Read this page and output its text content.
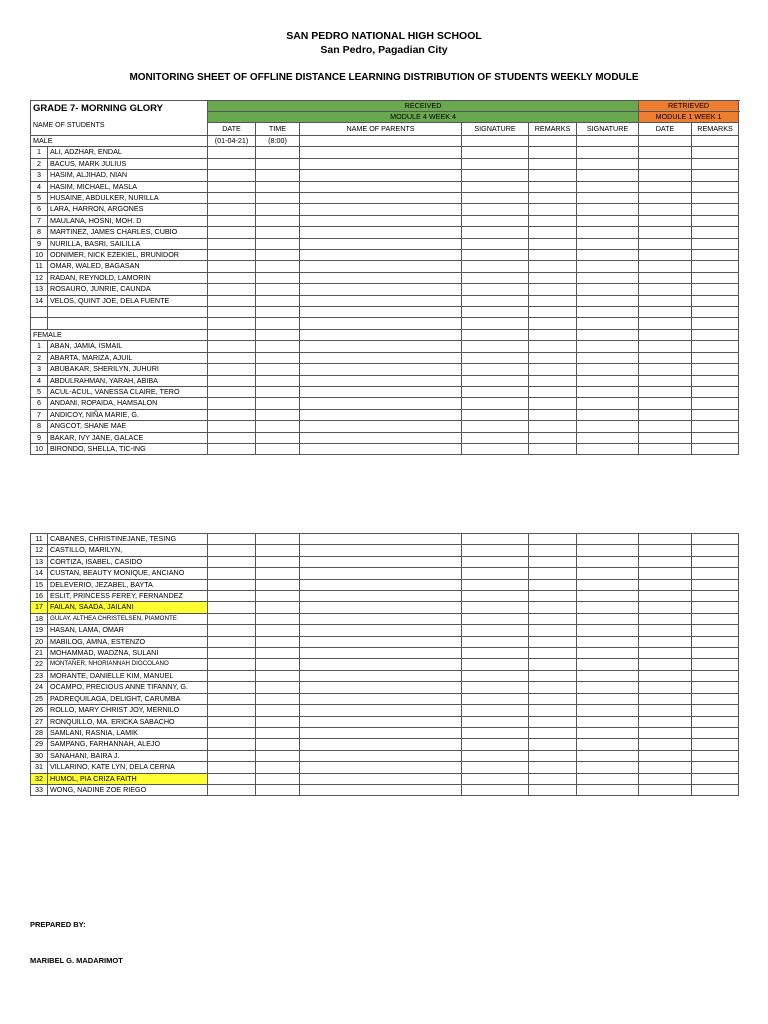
SAN PEDRO NATIONAL HIGH SCHOOL
San Pedro, Pagadian City
MONITORING SHEET OF OFFLINE DISTANCE LEARNING DISTRIBUTION OF STUDENTS WEEKLY MODULE
GRADE 7- MORNING GLORY
NAME OF STUDENTS		RECEIVED						RETRIEVED	
		MODULE 4 WEEK 4						MODULE 1 WEEK 1	
		DATE	TIME	NAME OF PARENTS	SIGNATURE	REMARKS	SIGNATURE	DATE	REMARKS
MALE		(01-04-21)	(8:00)						
1	ALI, ADZHAR, ENDAL								
2	BACUS, MARK JULIUS								
3	HASIM, ALJIHAD, NIAN								
4	HASIM, MICHAEL, MASLA								
5	HUSAINE, ABDULKER, NURILLA								
6	LARA, HARRON, ARGONES								
7	MAULANA, HOSNI, MOH. D								
8	MARTINEZ, JAMES CHARLES, CUBIO								
9	NURILLA, BASRI, SAILILLA								
10	ODNIMER, NICK EZEKIEL, BRUNIDOR								
11	OMAR, WALED, BAGASAN								
12	RADAN, REYNOLD, LAMORIN								
13	ROSAURO, JUNRIE, CAUNDA								
14	VELOS, QUINT JOE, DELA FUENTE								

FEMALE									
1	ABAN, JAMIA, ISMAIL								
2	ABARTA, MARIZA, AJUIL								
3	ABUBAKAR, SHERILYN, JUHURI								
4	ABDULRAHMAN, YARAH, ABIBA								
5	ACUL-ACUL, VANESSA CLAIRE, TERO								
6	ANDANI, ROPAIDA, HAMSALON								
7	ANDICOY, NIÑA MARIE, G.								
8	ANGCOT, SHANE MAE								
9	BAKAR, IVY JANE, GALACE								
10	BIRONDO, SHELLA, TIC-ING								
11	CABANES, CHRISTINEJANE, TESING								
12	CASTILLO, MARILYN,								
13	CORTIZA, ISABEL, CASIDO								
14	CUSTAN, BEAUTY MONIQUE, ANCIANO								
15	DELEVERIO, JEZABEL, BAYTA								
16	ESLIT, PRINCESS FEREY, FERNANDEZ								
17	FAILAN, SAADA, JAILANI								
18	GULAY, ALTHEA CHRISTELSEN, PIAMONTE								
19	HASAN, LAMA, OMAR								
20	MABILOG, AMNA, ESTENZO								
21	MOHAMMAD, WADZNA, SULANI								
22	MONTAÑER, NHORIANNAH DIOCOLANO								
23	MORANTE, DANIELLE KIM, MANUEL								
24	OCAMPO, PRECIOUS ANNE TIFANNY, G.								
25	PADREQUILAGA, DELIGHT, CARUMBA								
26	ROLLO, MARY CHRIST JOY, MERNILO								
27	RONQUILLO, MA. ERICKA SABACHO								
28	SAMLANI, RASNIA, LAMIK								
29	SAMPANG, FARHANNAH, ALEJO								
30	SANAHANI, BAIRA J.								
31	VILLARINO, KATE LYN, DELA CERNA								
32	HUMOL, PIA CRIZA FAITH								
33	WONG, NADINE ZOE RIEGO								
PREPARED BY:
MARIBEL G. MADARIMOT
